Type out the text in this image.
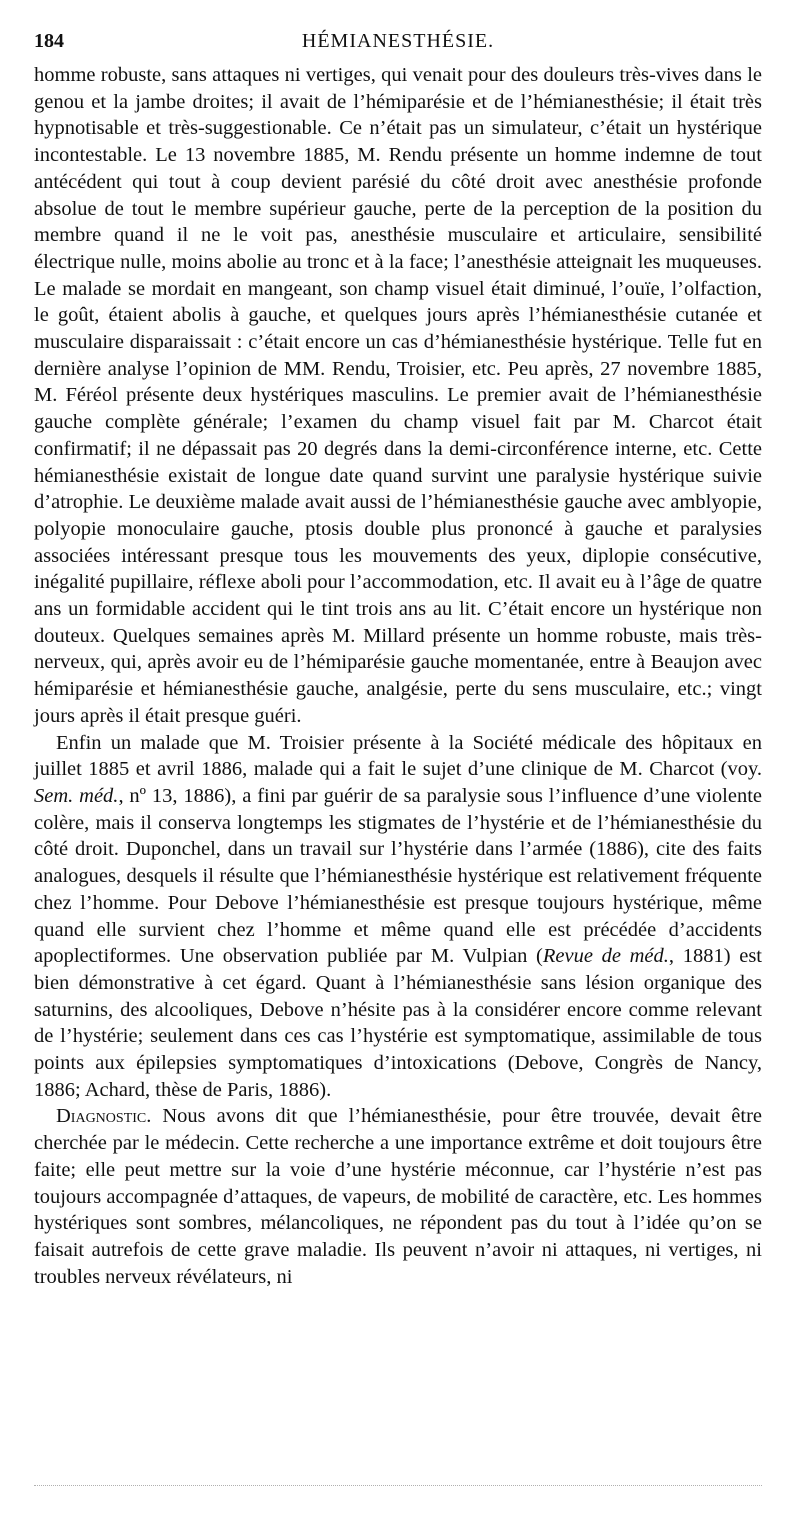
184	HÉMIANESTHÉSIE.

homme robuste, sans attaques ni vertiges, qui venait pour des douleurs très-vives dans le genou et la jambe droites; il avait de l’hémiparésie et de l’hémianesthésie; il était très hypnotisable et très-suggestionable. Ce n’était pas un simulateur, c’était un hystérique incontestable. Le 13 novembre 1885, M. Rendu présente un homme indemne de tout antécédent qui tout à coup devient parésié du côté droit avec anesthésie profonde absolue de tout le membre supérieur gauche, perte de la perception de la position du membre quand il ne le voit pas, anesthésie musculaire et articulaire, sensibilité électrique nulle, moins abolie au tronc et à la face; l’anesthésie atteignait les muqueuses. Le malade se mordait en mangeant, son champ visuel était diminué, l’ouïe, l’olfaction, le goût, étaient abolis à gauche, et quelques jours après l’hémianesthésie cutanée et musculaire disparaissait : c’était encore un cas d’hémianesthésie hystérique. Telle fut en dernière analyse l’opinion de MM. Rendu, Troisier, etc. Peu après, 27 novembre 1885, M. Féréol présente deux hystériques masculins. Le premier avait de l’hémianesthésie gauche complète générale; l’examen du champ visuel fait par M. Charcot était confirmatif; il ne dépassait pas 20 degrés dans la demi-circonférence interne, etc. Cette hémianesthésie existait de longue date quand survint une paralysie hystérique suivie d’atrophie. Le deuxième malade avait aussi de l’hémianesthésie gauche avec amblyopie, polyopie monoculaire gauche, ptosis double plus prononcé à gauche et paralysies associées intéressant presque tous les mouvements des yeux, diplopie consécutive, inégalité pupillaire, réflexe aboli pour l’accommodation, etc. Il avait eu à l’âge de quatre ans un formidable accident qui le tint trois ans au lit. C’était encore un hystérique non douteux. Quelques semaines après M. Millard présente un homme robuste, mais très-nerveux, qui, après avoir eu de l’hémiparésie gauche momentanée, entre à Beaujon avec hémiparésie et hémianesthésie gauche, analgésie, perte du sens musculaire, etc.; vingt jours après il était presque guéri.

Enfin un malade que M. Troisier présente à la Société médicale des hôpitaux en juillet 1885 et avril 1886, malade qui a fait le sujet d’une clinique de M. Charcot (voy. Sem. méd., nº 13, 1886), a fini par guérir de sa paralysie sous l’influence d’une violente colère, mais il conserva longtemps les stigmates de l’hystérie et de l’hémianesthésie du côté droit. Duponchel, dans un travail sur l’hystérie dans l’armée (1886), cite des faits analogues, desquels il résulte que l’hémianesthésie hystérique est relativement fréquente chez l’homme. Pour Debove l’hémianesthésie est presque toujours hystérique, même quand elle survient chez l’homme et même quand elle est précédée d’accidents apoplectiformes. Une observation publiée par M. Vulpian (Revue de méd., 1881) est bien démonstrative à cet égard. Quant à l’hémianesthésie sans lésion organique des saturnins, des alcooliques, Debove n’hésite pas à la considérer encore comme relevant de l’hystérie; seulement dans ces cas l’hystérie est symptomatique, assimilable de tous points aux épilepsies symptomatiques d’intoxications (Debove, Congrès de Nancy, 1886; Achard, thèse de Paris, 1886).

Diagnostic. Nous avons dit que l’hémianesthésie, pour être trouvée, devait être cherchée par le médecin. Cette recherche a une importance extrême et doit toujours être faite; elle peut mettre sur la voie d’une hystérie méconnue, car l’hystérie n’est pas toujours accompagnée d’attaques, de vapeurs, de mobilité de caractère, etc. Les hommes hystériques sont sombres, mélancoliques, ne répondent pas du tout à l’idée qu’on se faisait autrefois de cette grave maladie. Ils peuvent n’avoir ni attaques, ni vertiges, ni troubles nerveux révélateurs, ni
